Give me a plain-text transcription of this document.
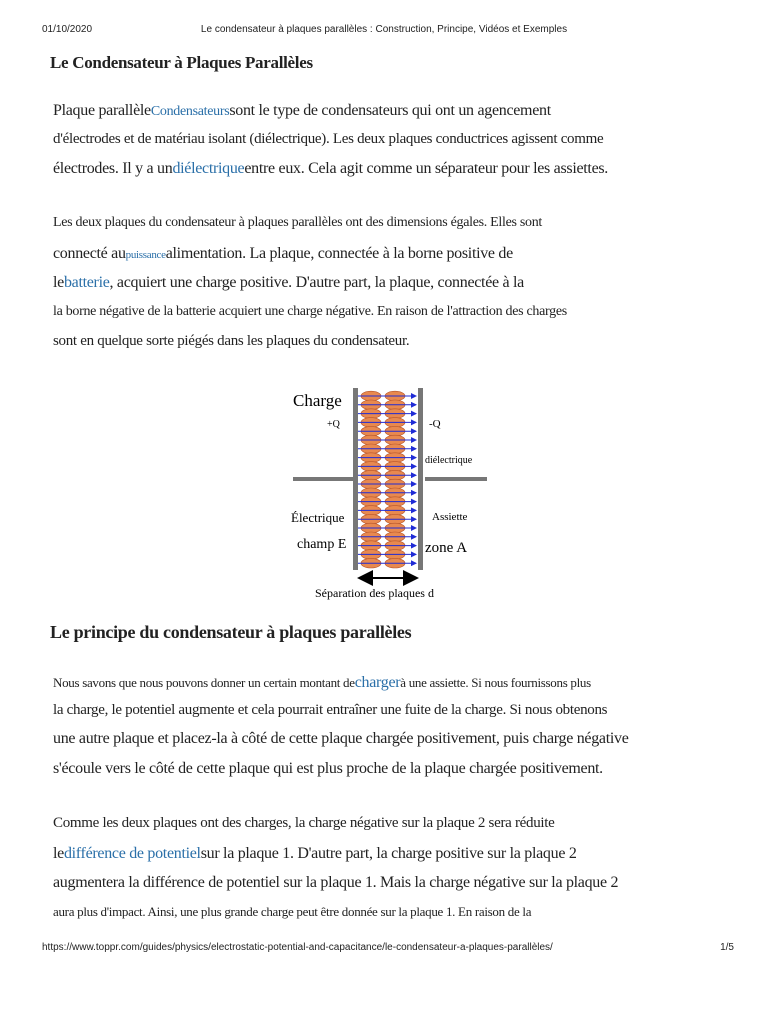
01/10/2020	Le condensateur à plaques parallèles : Construction, Principe, Vidéos et Exemples
Le Condensateur à Plaques Parallèles
Plaque parallèleCondensateurssont le type de condensateurs qui ont un agencement
d'électrodes et de matériau isolant (diélectrique). Les deux plaques conductrices agissent comme
électrodes. Il y a undiélectriqueentre eux. Cela agit comme un séparateur pour les assiettes.
Les deux plaques du condensateur à plaques parallèles ont des dimensions égales. Elles sont
connecté aupuissancealimentation. La plaque, connectée à la borne positive de
lebatterie, acquiert une charge positive. D'autre part, la plaque, connectée à la
la borne négative de la batterie acquiert une charge négative. En raison de l'attraction des charges
sont en quelque sorte piégés dans les plaques du condensateur.
Charge
+Q	-Q
diélectrique
Électrique	Assiette
champ E	zone A
Séparation des plaques d
Le principe du condensateur à plaques parallèles
Nous savons que nous pouvons donner un certain montant dechargerà une assiette. Si nous fournissons plus
la charge, le potentiel augmente et cela pourrait entraîner une fuite de la charge. Si nous obtenons
une autre plaque et placez-la à côté de cette plaque chargée positivement, puis charge négative
s'écoule vers le côté de cette plaque qui est plus proche de la plaque chargée positivement.
Comme les deux plaques ont des charges, la charge négative sur la plaque 2 sera réduite
ledifférence de potentielsur la plaque 1. D'autre part, la charge positive sur la plaque 2
augmentera la différence de potentiel sur la plaque 1. Mais la charge négative sur la plaque 2
aura plus d'impact. Ainsi, une plus grande charge peut être donnée sur la plaque 1. En raison de la
https://www.toppr.com/guides/physics/electrostatic-potential-and-capacitance/le-condensateur-a-plaques-parallèles/	1/5
